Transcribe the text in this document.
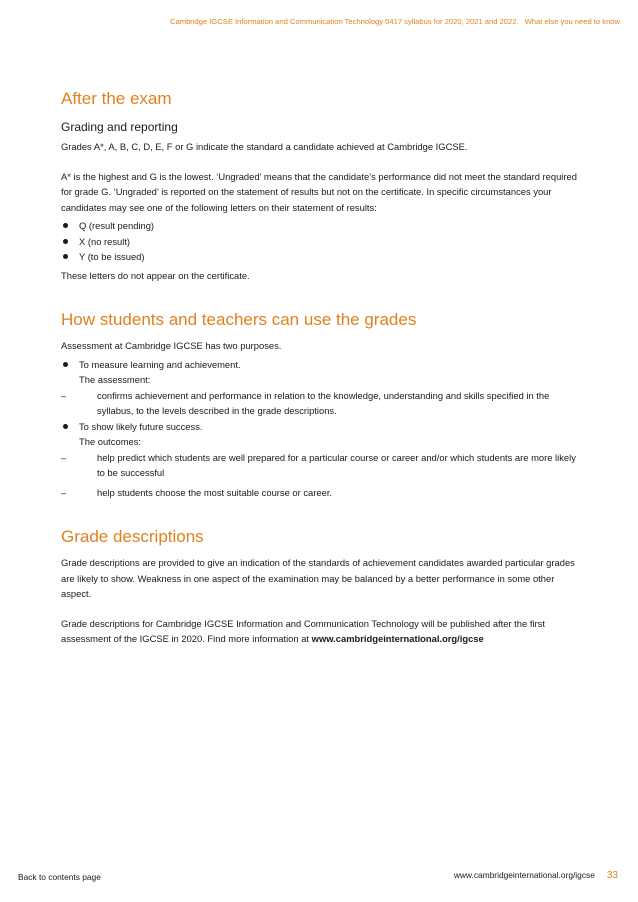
Cambridge IGCSE Information and Communication Technology 0417 syllabus for 2020, 2021 and 2022. What else you need to know
After the exam
Grading and reporting

Grades A*, A, B, C, D, E, F or G indicate the standard a candidate achieved at Cambridge IGCSE.

A* is the highest and G is the lowest. ‘Ungraded’ means that the candidate’s performance did not meet the standard required for grade G. ‘Ungraded’ is reported on the statement of results but not on the certificate. In specific circumstances your candidates may see one of the following letters on their statement of results:

Q (result pending)
X (no result)
Y (to be issued)

These letters do not appear on the certificate.

How students and teachers can use the grades

Assessment at Cambridge IGCSE has two purposes.

To measure learning and achievement.
The assessment:
–	confirms achievement and performance in relation to the knowledge, understanding and skills specified in the syllabus, to the levels described in the grade descriptions.
To show likely future success.
The outcomes:
–	help predict which students are well prepared for a particular course or career and/or which students are more likely to be successful
–	help students choose the most suitable course or career.
Grade descriptions

Grade descriptions are provided to give an indication of the standards of achievement candidates awarded particular grades are likely to show. Weakness in one aspect of the examination may be balanced by a better performance in some other aspect.

Grade descriptions for Cambridge IGCSE Information and Communication Technology will be published after the first assessment of the IGCSE in 2020. Find more information at www.cambridgeinternational.org/igcse

Back to contents page	www.cambridgeinternational.org/igcse 33
